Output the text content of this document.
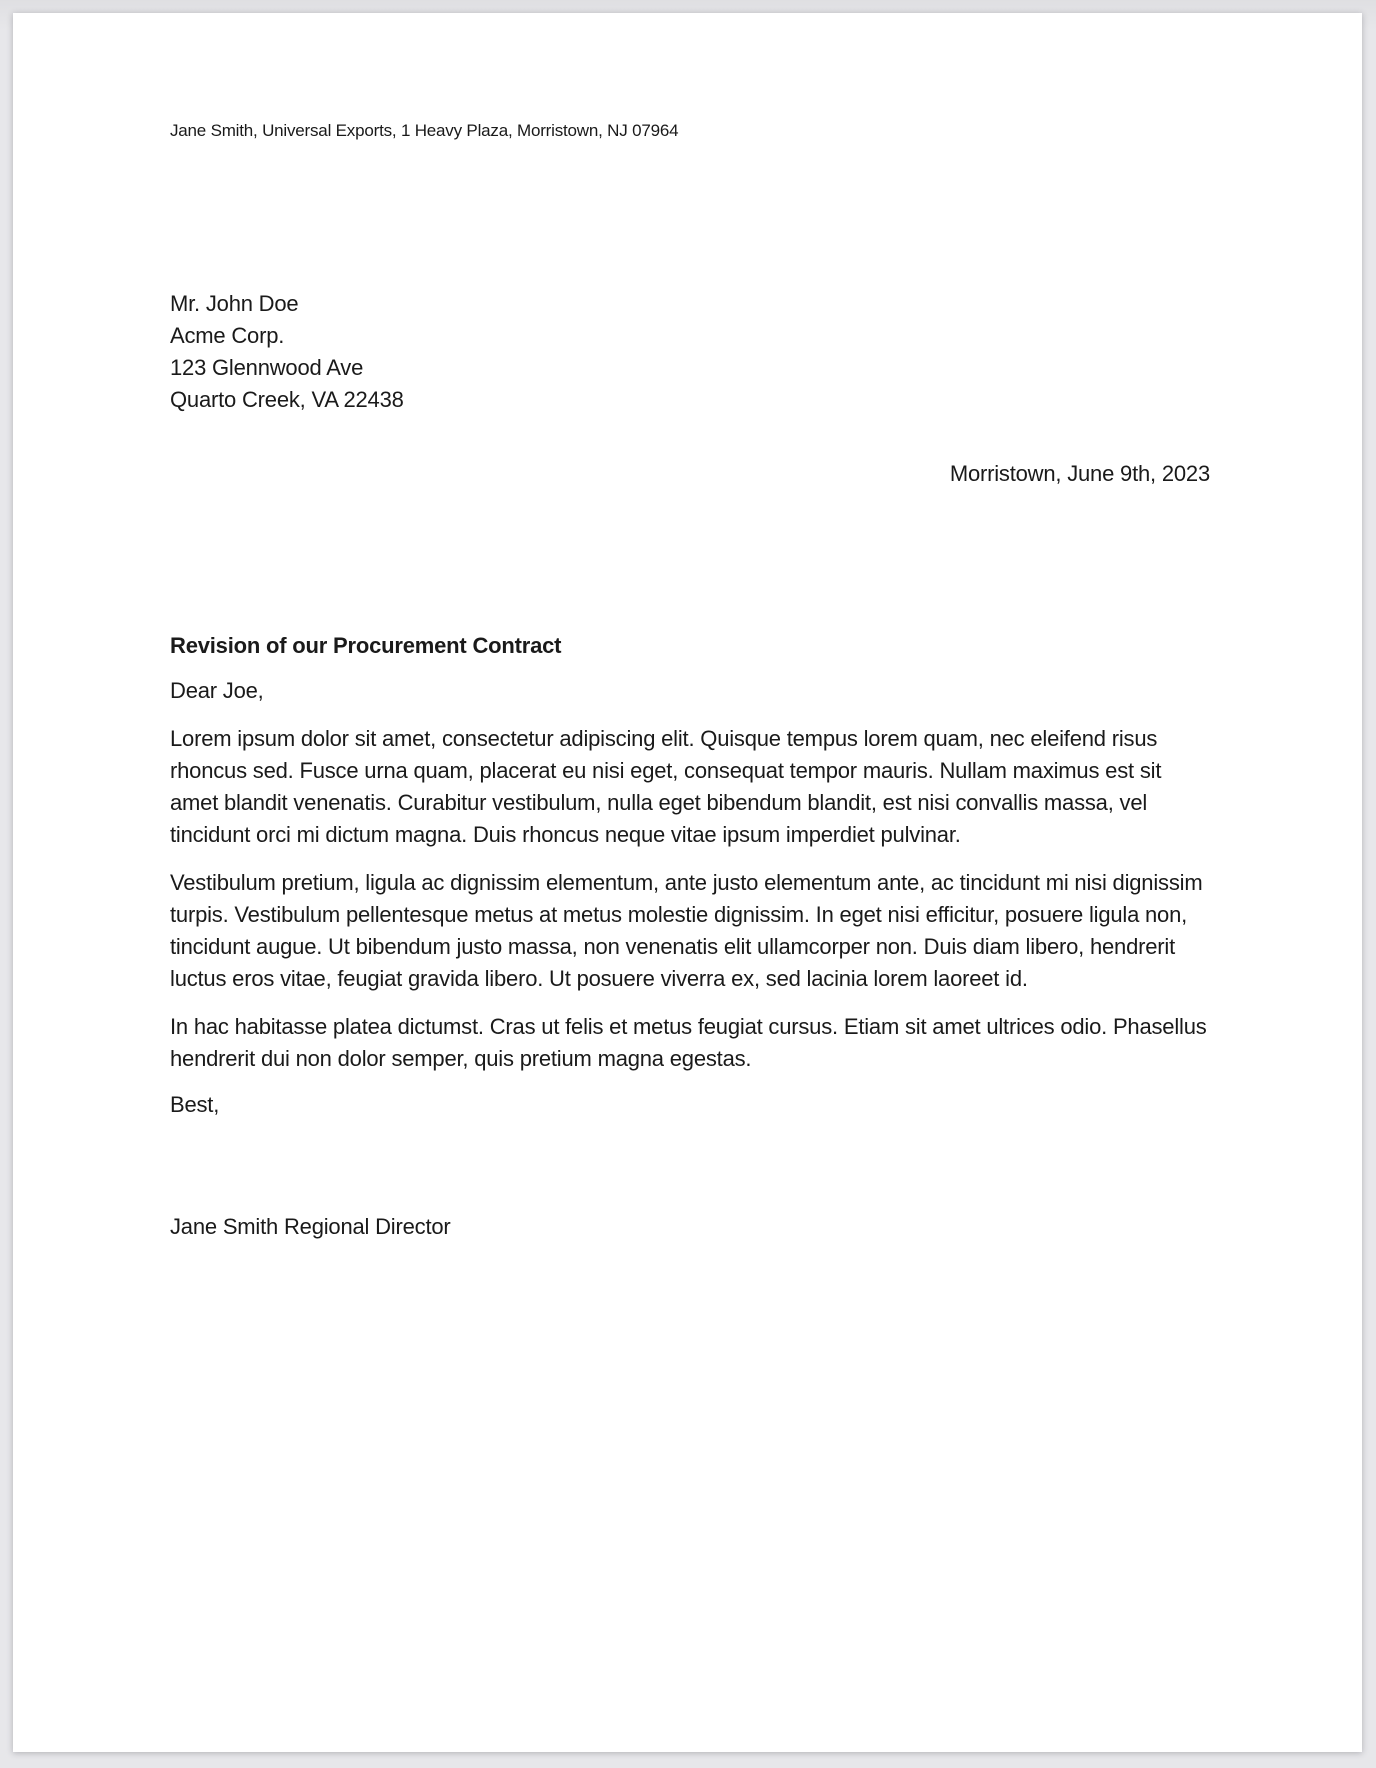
Jane Smith, Universal Exports, 1 Heavy Plaza, Morristown, NJ 07964
Mr. John Doe
Acme Corp.
123 Glennwood Ave
Quarto Creek, VA 22438
Morristown, June 9th, 2023
Revision of our Procurement Contract
Dear Joe,

Lorem ipsum dolor sit amet, consectetur adipiscing elit. Quisque tempus lorem quam, nec eleifend risus rhoncus sed. Fusce urna quam, placerat eu nisi eget, consequat tempor mauris. Nullam maximus est sit amet blandit venenatis. Curabitur vestibulum, nulla eget bibendum blandit, est nisi convallis massa, vel tincidunt orci mi dictum magna. Duis rhoncus neque vitae ipsum imperdiet pulvinar.

Vestibulum pretium, ligula ac dignissim elementum, ante justo elementum ante, ac tincidunt mi nisi dignissim turpis. Vestibulum pellentesque metus at metus molestie dignissim. In eget nisi efficitur, posuere ligula non, tincidunt augue. Ut bibendum justo massa, non venenatis elit ullamcorper non. Duis diam libero, hendrerit luctus eros vitae, feugiat gravida libero. Ut posuere viverra ex, sed lacinia lorem laoreet id.

In hac habitasse platea dictumst. Cras ut felis et metus feugiat cursus. Etiam sit amet ultrices odio. Phasellus hendrerit dui non dolor semper, quis pretium magna egestas.

Best,
Jane Smith Regional Director
